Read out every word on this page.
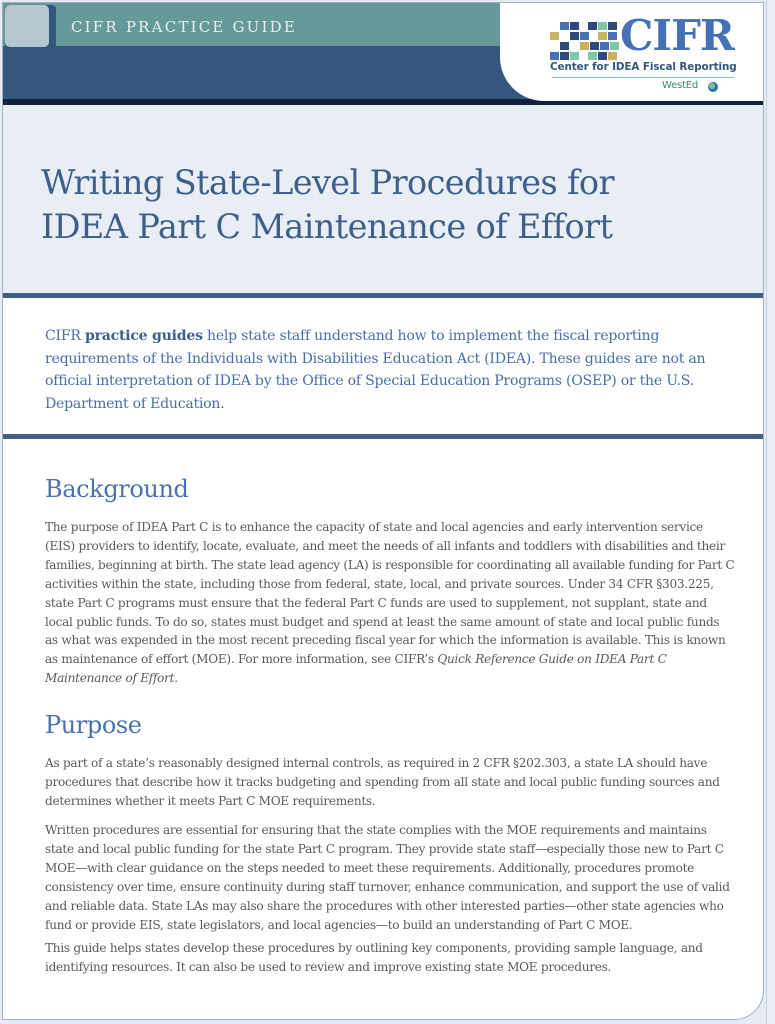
CIFR PRACTICE GUIDE	CIFR
Center for IDEA Fiscal Reporting
WestEd
Writing State-Level Procedures for
IDEA Part C Maintenance of Effort

CIFR practice guides help state staff understand how to implement the fiscal reporting requirements of the Individuals with Disabilities Education Act (IDEA). These guides are not an official interpretation of IDEA by the Office of Special Education Programs (OSEP) or the U.S. Department of Education.

Background

The purpose of IDEA Part C is to enhance the capacity of state and local agencies and early intervention service (EIS) providers to identify, locate, evaluate, and meet the needs of all infants and toddlers with disabilities and their families, beginning at birth. The state lead agency (LA) is responsible for coordinating all available funding for Part C activities within the state, including those from federal, state, local, and private sources. Under 34 CFR §303.225, state Part C programs must ensure that the federal Part C funds are used to supplement, not supplant, state and local public funds. To do so, states must budget and spend at least the same amount of state and local public funds as what was expended in the most recent preceding fiscal year for which the information is available. This is known as maintenance of effort (MOE). For more information, see CIFR’s Quick Reference Guide on IDEA Part C Maintenance of Effort.

Purpose

As part of a state’s reasonably designed internal controls, as required in 2 CFR §202.303, a state LA should have procedures that describe how it tracks budgeting and spending from all state and local public funding sources and determines whether it meets Part C MOE requirements.

Written procedures are essential for ensuring that the state complies with the MOE requirements and maintains state and local public funding for the state Part C program. They provide state staff—especially those new to Part C MOE—with clear guidance on the steps needed to meet these requirements. Additionally, procedures promote consistency over time, ensure continuity during staff turnover, enhance communication, and support the use of valid and reliable data. State LAs may also share the procedures with other interested parties—other state agencies who fund or provide EIS, state legislators, and local agencies—to build an understanding of Part C MOE.

This guide helps states develop these procedures by outlining key components, providing sample language, and identifying resources. It can also be used to review and improve existing state MOE procedures.

1
